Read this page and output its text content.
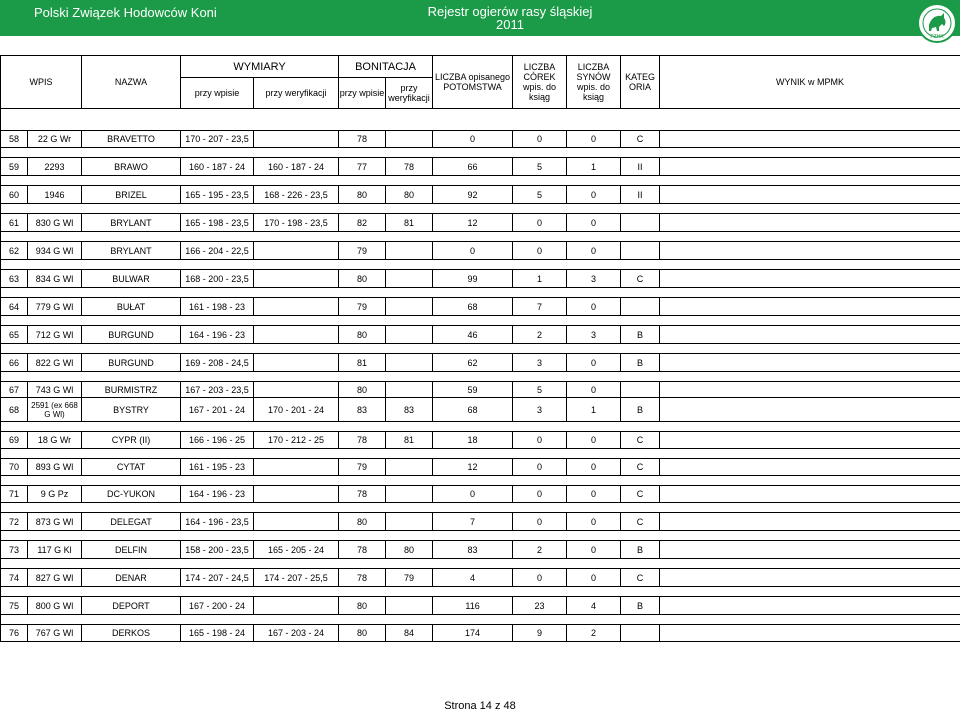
Polski Związek Hodowców Koni	Rejestr ogierów rasy śląskiej
2011
PZHK
WPIS		NAZWA	WYMIARY		BONITACJA		LICZBA opisanego POTOMSTWA	LICZBA CÓREK wpis. do ksiąg	LICZBA SYNÓW wpis. do ksiąg	KATEG ORIA	WYNIK w MPMK
			przy wpisie	przy weryfikacji	przy wpisie	przy weryfikacji					

58	22 G Wr	BRAVETTO	170 - 207 - 23,5		78		0	0	0	C	

59	2293	BRAWO	160 - 187 - 24	160 - 187 - 24	77	78	66	5	1	II	

60	1946	BRIZEL	165 - 195 - 23,5	168 - 226 - 23,5	80	80	92	5	0	II	

61	830 G Wl	BRYLANT	165 - 198 - 23,5	170 - 198 - 23,5	82	81	12	0	0		

62	934 G Wl	BRYLANT	166 - 204 - 22,5		79		0	0	0		

63	834 G Wl	BULWAR	168 - 200 - 23,5		80		99	1	3	C	

64	779 G Wl	BUŁAT	161 - 198 - 23		79		68	7	0		

65	712 G Wl	BURGUND	164 - 196 - 23		80		46	2	3	B	

66	822 G Wl	BURGUND	169 - 208 - 24,5		81		62	3	0	B	

67	743 G Wl	BURMISTRZ	167 - 203 - 23,5		80		59	5	0		
68	2591 (ex 668 G Wl)	BYSTRY	167 - 201 - 24	170 - 201 - 24	83	83	68	3	1	B	

69	18 G Wr	CYPR (II)	166 - 196 - 25	170 - 212 - 25	78	81	18	0	0	C	

70	893 G Wl	CYTAT	161 - 195 - 23		79		12	0	0	C	

71	9 G Pz	DC-YUKON	164 - 196 - 23		78		0	0	0	C	

72	873 G Wl	DELEGAT	164 - 196 - 23,5		80		7	0	0	C	

73	117 G Kl	DELFIN	158 - 200 - 23,5	165 - 205 - 24	78	80	83	2	0	B	

74	827 G Wl	DENAR	174 - 207 - 24,5	174 - 207 - 25,5	78	79	4	0	0	C	

75	800 G Wl	DEPORT	167 - 200 - 24		80		116	23	4	B	

76	767 G Wl	DERKOS	165 - 198 - 24	167 - 203 - 24	80	84	174	9	2		
Strona 14 z 48
